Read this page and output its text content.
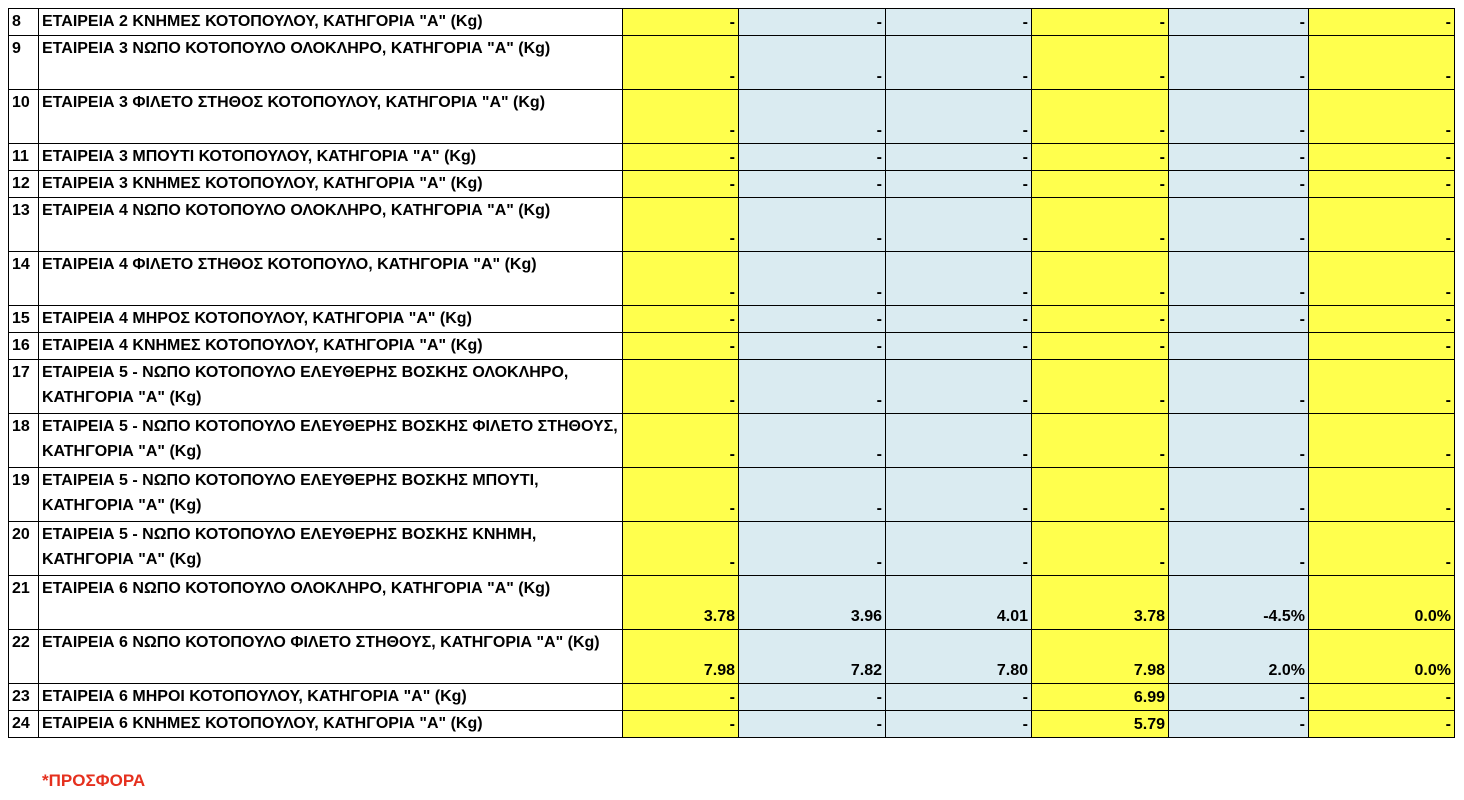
8	ΕΤΑΙΡΕΙΑ 2 ΚΝΗΜΕΣ ΚΟΤΟΠΟΥΛΟΥ, ΚΑΤΗΓΟΡΙΑ "Α" (Kg)	-	-	-	-	-	-
9	ΕΤΑΙΡΕΙΑ 3 ΝΩΠΟ ΚΟΤΟΠΟΥΛΟ ΟΛΟΚΛΗΡΟ, ΚΑΤΗΓΟΡΙΑ "Α" (Kg)	-	-	-	-	-	-
10	ΕΤΑΙΡΕΙΑ 3 ΦΙΛΕΤΟ ΣΤΗΘΟΣ ΚΟΤΟΠΟΥΛΟΥ, ΚΑΤΗΓΟΡΙΑ "Α" (Kg)	-	-	-	-	-	-
11	ΕΤΑΙΡΕΙΑ 3 ΜΠΟΥΤΙ ΚΟΤΟΠΟΥΛΟΥ, ΚΑΤΗΓΟΡΙΑ "Α" (Kg)	-	-	-	-	-	-
12	ΕΤΑΙΡΕΙΑ 3 ΚΝΗΜΕΣ ΚΟΤΟΠΟΥΛΟΥ, ΚΑΤΗΓΟΡΙΑ "Α" (Kg)	-	-	-	-	-	-
13	ΕΤΑΙΡΕΙΑ 4 ΝΩΠΟ ΚΟΤΟΠΟΥΛΟ ΟΛΟΚΛΗΡΟ, ΚΑΤΗΓΟΡΙΑ "Α" (Kg)	-	-	-	-	-	-
14	ΕΤΑΙΡΕΙΑ 4 ΦΙΛΕΤΟ ΣΤΗΘΟΣ ΚΟΤΟΠΟΥΛΟ, ΚΑΤΗΓΟΡΙΑ "Α" (Kg)	-	-	-	-	-	-
15	ΕΤΑΙΡΕΙΑ 4 ΜΗΡΟΣ ΚΟΤΟΠΟΥΛΟΥ, ΚΑΤΗΓΟΡΙΑ "Α" (Kg)	-	-	-	-	-	-
16	ΕΤΑΙΡΕΙΑ 4 ΚΝΗΜΕΣ ΚΟΤΟΠΟΥΛΟΥ, ΚΑΤΗΓΟΡΙΑ "Α" (Kg)	-	-	-	-		-
17	ΕΤΑΙΡΕΙΑ 5 - ΝΩΠΟ ΚΟΤΟΠΟΥΛΟ ΕΛΕΥΘΕΡΗΣ ΒΟΣΚΗΣ ΟΛΟΚΛΗΡΟ, ΚΑΤΗΓΟΡΙΑ "Α" (Kg)	-	-	-	-	-	-
18	ΕΤΑΙΡΕΙΑ 5 - ΝΩΠΟ ΚΟΤΟΠΟΥΛΟ ΕΛΕΥΘΕΡΗΣ ΒΟΣΚΗΣ ΦΙΛΕΤΟ ΣΤΗΘΟΥΣ, ΚΑΤΗΓΟΡΙΑ "Α" (Kg)	-	-	-	-	-	-
19	ΕΤΑΙΡΕΙΑ 5 - ΝΩΠΟ ΚΟΤΟΠΟΥΛΟ ΕΛΕΥΘΕΡΗΣ ΒΟΣΚΗΣ ΜΠΟΥΤΙ, ΚΑΤΗΓΟΡΙΑ "Α" (Kg)	-	-	-	-	-	-
20	ΕΤΑΙΡΕΙΑ 5 - ΝΩΠΟ ΚΟΤΟΠΟΥΛΟ ΕΛΕΥΘΕΡΗΣ ΒΟΣΚΗΣ ΚΝΗΜΗ, ΚΑΤΗΓΟΡΙΑ "Α" (Kg)	-	-	-	-	-	-
21	ΕΤΑΙΡΕΙΑ 6 ΝΩΠΟ ΚΟΤΟΠΟΥΛΟ ΟΛΟΚΛΗΡΟ, ΚΑΤΗΓΟΡΙΑ "Α" (Kg)	3.78	3.96	4.01	3.78	-4.5%	0.0%
22	ΕΤΑΙΡΕΙΑ 6 ΝΩΠΟ ΚΟΤΟΠΟΥΛΟ ΦΙΛΕΤΟ ΣΤΗΘΟΥΣ, ΚΑΤΗΓΟΡΙΑ "Α" (Kg)	7.98	7.82	7.80	7.98	2.0%	0.0%
23	ΕΤΑΙΡΕΙΑ 6 ΜΗΡΟΙ ΚΟΤΟΠΟΥΛΟΥ, ΚΑΤΗΓΟΡΙΑ "Α" (Kg)	-	-	-	6.99	-	-
24	ΕΤΑΙΡΕΙΑ 6 ΚΝΗΜΕΣ ΚΟΤΟΠΟΥΛΟΥ, ΚΑΤΗΓΟΡΙΑ "Α" (Kg)	-	-	-	5.79	-	-
*ΠΡΟΣΦΟΡΑ
